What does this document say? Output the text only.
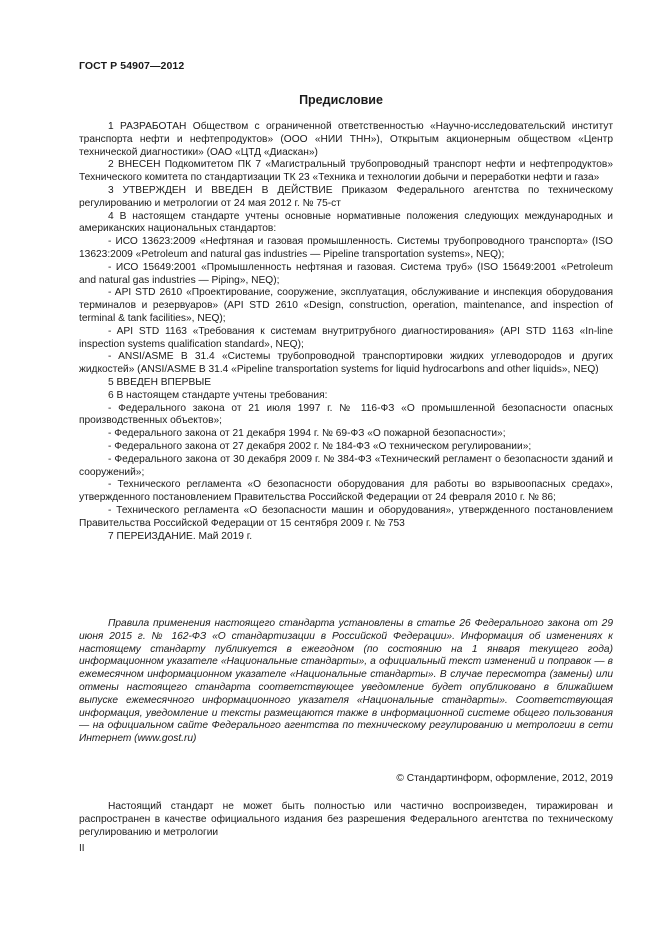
ГОСТ Р 54907—2012
Предисловие

1 РАЗРАБОТАН Обществом с ограниченной ответственностью «Научно-исследовательский институт транспорта нефти и нефтепродуктов» (ООО «НИИ ТНН»), Открытым акционерным обществом «Центр технической диагностики» (ОАО «ЦТД «Диаскан»)

2 ВНЕСЕН Подкомитетом ПК 7 «Магистральный трубопроводный транспорт нефти и нефтепродуктов» Технического комитета по стандартизации ТК 23 «Техника и технологии добычи и переработки нефти и газа»

3 УТВЕРЖДЕН И ВВЕДЕН В ДЕЙСТВИЕ Приказом Федерального агентства по техническому регулированию и метрологии от 24 мая 2012 г. № 75-ст

4 В настоящем стандарте учтены основные нормативные положения следующих международных и американских национальных стандартов:

- ИСО 13623:2009 «Нефтяная и газовая промышленность. Системы трубопроводного транспорта» (ISO 13623:2009 «Petroleum and natural gas industries — Pipeline transportation systems», NEQ);

- ИСО 15649:2001 «Промышленность нефтяная и газовая. Система труб» (ISO 15649:2001 «Petroleum and natural gas industries — Piping», NEQ);

- API STD 2610 «Проектирование, сооружение, эксплуатация, обслуживание и инспекция оборудования терминалов и резервуаров» (API STD 2610 «Design, construction, operation, maintenance, and inspection of terminal & tank facilities», NEQ);

- API STD 1163 «Требования к системам внутритрубного диагностирования» (API STD 1163 «In-line inspection systems qualification standard», NEQ);

- ANSI/ASME B 31.4 «Системы трубопроводной транспортировки жидких углеводородов и других жидкостей» (ANSI/ASME B 31.4 «Pipeline transportation systems for liquid hydrocarbons and other liquids», NEQ)

5 ВВЕДЕН ВПЕРВЫЕ

6 В настоящем стандарте учтены требования:

- Федерального закона от 21 июля 1997 г. № 116-ФЗ «О промышленной безопасности опасных производственных объектов»;

- Федерального закона от 21 декабря 1994 г. № 69-ФЗ «О пожарной безопасности»;

- Федерального закона от 27 декабря 2002 г. № 184-ФЗ «О техническом регулировании»;

- Федерального закона от 30 декабря 2009 г. № 384-ФЗ «Технический регламент о безопасности зданий и сооружений»;

- Технического регламента «О безопасности оборудования для работы во взрывоопасных средах», утвержденного постановлением Правительства Российской Федерации от 24 февраля 2010 г. № 86;

- Технического регламента «О безопасности машин и оборудования», утвержденного постановлением Правительства Российской Федерации от 15 сентября 2009 г. № 753

7 ПЕРЕИЗДАНИЕ. Май 2019 г.

Правила применения настоящего стандарта установлены в статье 26 Федерального закона от 29 июня 2015 г. № 162-ФЗ «О стандартизации в Российской Федерации». Информация об изменениях к настоящему стандарту публикуется в ежегодном (по состоянию на 1 января текущего года) информационном указателе «Национальные стандарты», а официальный текст изменений и поправок — в ежемесячном информационном указателе «Национальные стандарты». В случае пересмотра (замены) или отмены настоящего стандарта соответствующее уведомление будет опубликовано в ближайшем выпуске ежемесячного информационного указателя «Национальные стандарты». Соответствующая информация, уведомление и тексты размещаются также в информационной системе общего пользования — на официальном сайте Федерального агентства по техническому регулированию и метрологии в сети Интернет (www.gost.ru)

© Стандартинформ, оформление, 2012, 2019

Настоящий стандарт не может быть полностью или частично воспроизведен, тиражирован и распространен в качестве официального издания без разрешения Федерального агентства по техническому регулированию и метрологии

II
